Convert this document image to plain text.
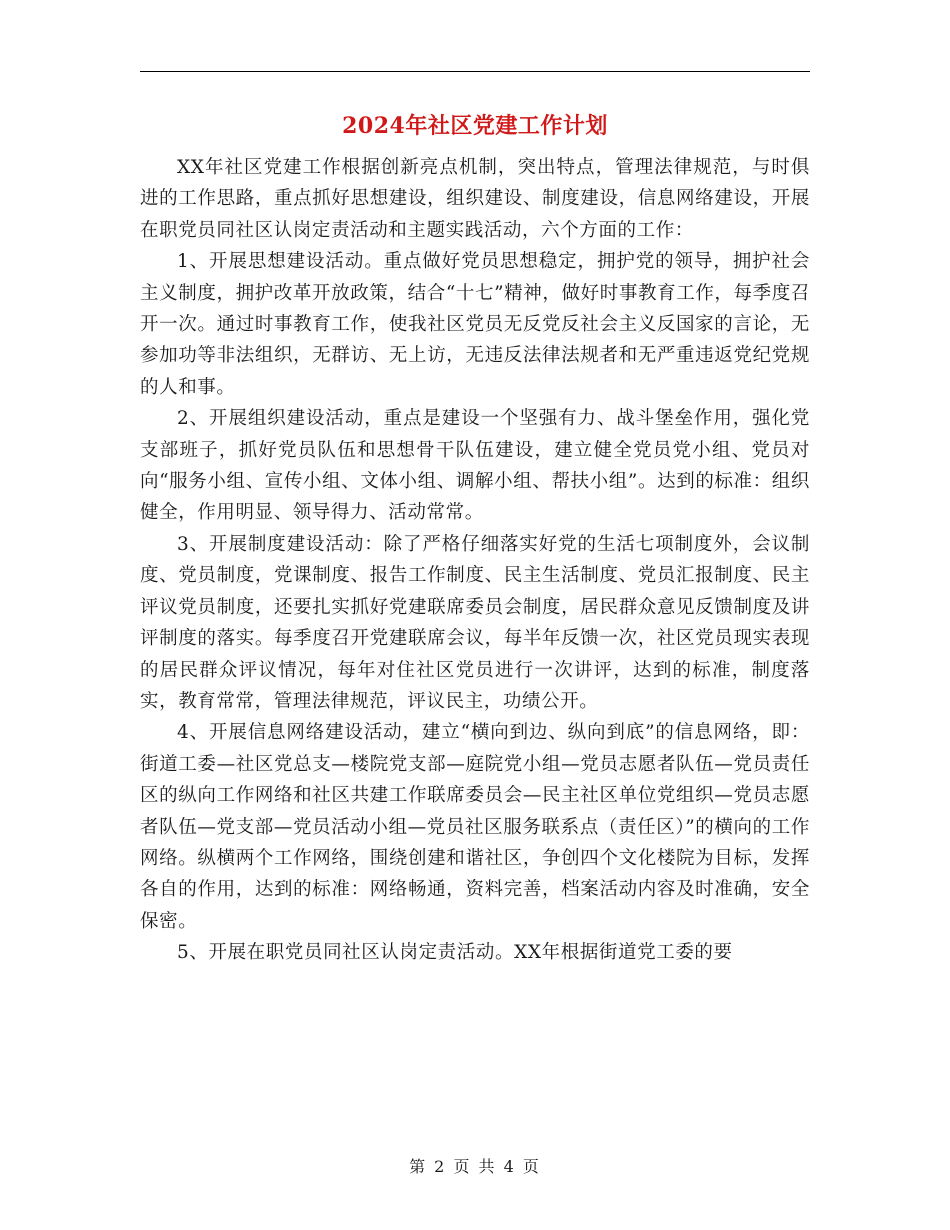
2024年社区党建工作计划

XX年社区党建工作根据创新亮点机制，突出特点，管理法律规范，与时俱进的工作思路，重点抓好思想建设，组织建设、制度建设，信息网络建设，开展在职党员同社区认岗定责活动和主题实践活动，六个方面的工作：

1、开展思想建设活动。重点做好党员思想稳定，拥护党的领导，拥护社会主义制度，拥护改革开放政策，结合“十七”精神，做好时事教育工作，每季度召开一次。通过时事教育工作，使我社区党员无反党反社会主义反国家的言论，无参加功等非法组织，无群访、无上访，无违反法律法规者和无严重违返党纪党规的人和事。

2、开展组织建设活动，重点是建设一个坚强有力、战斗堡垒作用，强化党支部班子，抓好党员队伍和思想骨干队伍建设，建立健全党员党小组、党员对向“服务小组、宣传小组、文体小组、调解小组、帮扶小组”。达到的标准：组织健全，作用明显、领导得力、活动常常。

3、开展制度建设活动：除了严格仔细落实好党的生活七项制度外，会议制度、党员制度，党课制度、报告工作制度、民主生活制度、党员汇报制度、民主评议党员制度，还要扎实抓好党建联席委员会制度，居民群众意见反馈制度及讲评制度的落实。每季度召开党建联席会议，每半年反馈一次，社区党员现实表现的居民群众评议情况，每年对住社区党员进行一次讲评，达到的标准，制度落实，教育常常，管理法律规范，评议民主，功绩公开。

4、开展信息网络建设活动，建立“横向到边、纵向到底”的信息网络，即：街道工委—社区党总支—楼院党支部—庭院党小组—党员志愿者队伍—党员责任区的纵向工作网络和社区共建工作联席委员会—民主社区单位党组织—党员志愿者队伍—党支部—党员活动小组—党员社区服务联系点（责任区）”的横向的工作网络。纵横两个工作网络，围绕创建和谐社区，争创四个文化楼院为目标，发挥各自的作用，达到的标准：网络畅通，资料完善，档案活动内容及时准确，安全保密。

5、开展在职党员同社区认岗定责活动。XX年根据街道党工委的要

第 2 页 共 4 页
